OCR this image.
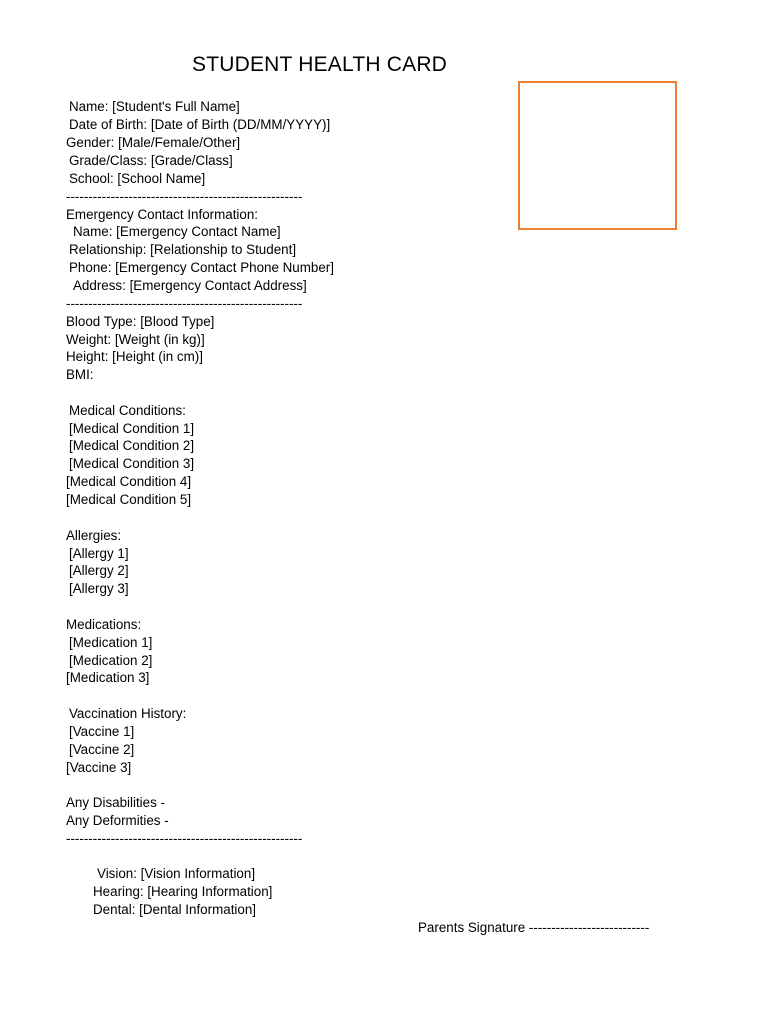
STUDENT HEALTH CARD
Name: [Student's Full Name]
Date of Birth: [Date of Birth (DD/MM/YYYY)]
Gender: [Male/Female/Other]
Grade/Class: [Grade/Class]
School: [School Name]
-----------------------------------------------------
Emergency Contact Information:
Name: [Emergency Contact Name]
Relationship: [Relationship to Student]
Phone: [Emergency Contact Phone Number]
Address: [Emergency Contact Address]
-----------------------------------------------------
Blood Type: [Blood Type]
Weight: [Weight (in kg)]
Height: [Height (in cm)]
BMI:
Medical Conditions:
[Medical Condition 1]
[Medical Condition 2]
[Medical Condition 3]
[Medical Condition 4]
[Medical Condition 5]
Allergies:
[Allergy 1]
[Allergy 2]
[Allergy 3]
Medications:
[Medication 1]
[Medication 2]
[Medication 3]
Vaccination History:
[Vaccine 1]
[Vaccine 2]
[Vaccine 3]
Any Disabilities -
Any Deformities -
-----------------------------------------------------
Vision: [Vision Information]
Hearing: [Hearing Information]
Dental: [Dental Information]
Parents Signature ---------------------------
